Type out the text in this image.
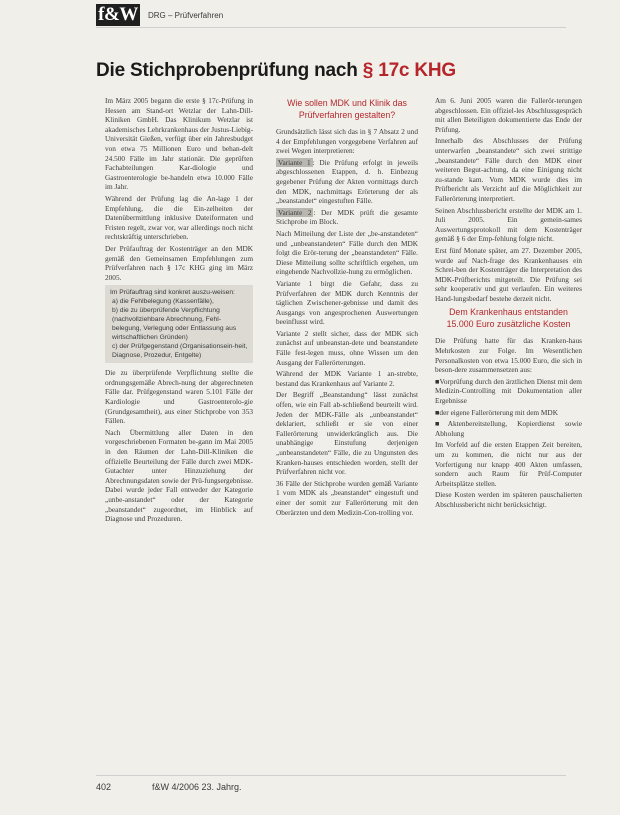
f&W DRG – Prüfverfahren
Die Stichprobenprüfung nach § 17c KHG

Im März 2005 begann die erste § 17c-Prüfung in Hessen am Stand-ort Wetzlar der Lahn-Dill-Kliniken GmbH. Das Klinikum Wetzlar ist akademisches Lehrkrankenhaus der Justus-Liebig-Universität Gießen, verfügt über ein Jahresbudget von etwa 75 Millionen Euro und behan-delt 24.500 Fälle im Jahr stationär. Die geprüften Fachabteilungen Kar-diologie und Gastroenterologie be-handeln etwa 10.000 Fälle im Jahr.

Während der Prüfung lag die An-lage 1 der Empfehlung, die die Ein-zelheiten der Datenübermittlung inklusive Dateiformaten und Fristen regelt, zwar vor, war allerdings noch nicht rechtskräftig unterschrieben.

Der Prüfauftrag der Kostenträger an den MDK gemäß den Gemeinsamen Empfehlungen zum Prüfverfahren nach § 17c KHG ging im März 2005.

Im Prüfauftrag sind konkret auszu-weisen:
a) die Fehlbelegung (Kassenfälle),
b) die zu überprüfende Verpflichtung (nachvollziehbare Abrechnung, Fehl-belegung, Verlegung oder Entlassung aus wirtschaftlichen Gründen)
c) der Prüfgegenstand (Organisationsein-heit, Diagnose, Prozedur, Entgelte)

Die zu überprüfende Verpflichtung stellte die ordnungsgemäße Abrech-nung der abgerechneten Fälle dar. Prüfgegenstand waren 5.101 Fälle der Kardiologie und Gastroenterolo-gie (Grundgesamtheit), aus einer Stichprobe von 353 Fällen.

Nach Übermittlung aller Daten in den vorgeschriebenen Formaten be-gann im Mai 2005 in den Räumen der Lahn-Dill-Kliniken die offizielle Beurteilung der Fälle durch zwei MDK-Gutachter unter Hinzuziehung der Abrechnungsdaten sowie der Prü-fungsergebnisse. Dabei wurde jeder Fall entweder der Kategorie „unbe-anstandet“ oder der Kategorie „beanstandet“ zugeordnet, im Hinblick auf Diagnose und Prozeduren.

Wie sollen MDK und Klinik das Prüfverfahren gestalten?

Grundsätzlich lässt sich das in § 7 Absatz 2 und 4 der Empfehlungen vorgegebene Verfahren auf zwei Wegen interpretieren:

Variante 1 : Die Prüfung erfolgt in jeweils abgeschlossenen Etappen, d. h. Einbezug gegebener Prüfung der Akten vormittags durch den MDK, nachmittags Erörterung der als „beanstandet“ eingestuften Fälle.

Variante 2 : Der MDK prüft die gesamte Stichprobe im Block.

Nach Mitteilung der Liste der „be-anstandeten“ und „unbeanstandeten“ Fälle durch den MDK folgt die Erör-terung der „beanstandeten“ Fälle. Diese Mitteilung sollte schriftlich ergehen, um eingehende Nachvollzie-hung zu ermöglichen.

Variante 1 birgt die Gefahr, dass zu Prüfverfahren der MDK durch Kenntnis der täglichen Zwischener-gebnisse und damit des Ausgangs von angesprochenen Auswertungen beeinflusst wird.

Variante 2 stellt sicher, dass der MDK sich zunächst auf unbeanstan-dete und beanstandete Fälle fest-legen muss, ohne Wissen um den Ausgang der Fallerörterungen.

Während der MDK Variante 1 an-strebte, bestand das Krankenhaus auf Variante 2.

Der Begriff „Beanstandung“ lässt zunächst offen, wie ein Fall ab-schließend beurteilt wird. Jeden der MDK-Fälle als „unbeanstandet“ deklariert, schließt er sie von einer Fallerörterung unwiderkränglich aus. Die unabhängige Einstufung derjenigen „unbeanstandeten“ Fälle, die zu Ungunsten des Kranken-hauses entschieden worden, stellt der Prüfverfahren nicht vor.

36 Fälle der Stichprobe wurden gemäß Variante 1 vom MDK als „beanstandet“ eingestuft und einer der somit zur Fallerörterung mit den Oberärzten und dem Medizin-Con-trolling vor.

Am 6. Juni 2005 waren die Fallerör-terungen abgeschlossen. Ein offiziel-les Abschlussgespräch mit allen Beteiligten dokumentierte das Ende der Prüfung.

Innerhalb des Abschlusses der Prüfung unterwarfen „beanstandete“ sich zwei strittige „beanstandete“ Fälle durch den MDK einer weiteren Begut-achtung, da eine Einigung nicht zu-stande kam. Vom MDK wurde dies im Prüfbericht als Verzicht auf die Möglichkeit zur Fallerörterung interpretiert.

Seinen Abschlussbericht erstellte der MDK am 1. Juli 2005. Ein gemein-sames Auswertungsprotokoll mit dem Kostenträger gemäß § 6 der Emp-fehlung folgte nicht.

Erst fünf Monate später, am 27. Dezember 2005, wurde auf Nach-frage des Krankenhauses ein Schrei-ben der Kostenträger die Interpretation des MDK-Prüfberichts mitgeteilt. Die Prüfung sei sehr kooperativ und gut verlaufen. Ein weiteres Hand-lungsbedarf bestehe derzeit nicht.

Dem Krankenhaus entstanden 15.000 Euro zusätzliche Kosten

Die Prüfung hatte für das Kranken-haus Mehrkosten zur Folge. Im Wesentlichen Personalkosten von etwa 15.000 Euro, die sich in beson-dere zusammensetzen aus:

■ Vorprüfung durch den ärztlichen Dienst mit dem Medizin-Controlling mit Dokumentation aller Ergebnisse

■ der eigene Fallerörterung mit dem MDK

■ Aktenbereitstellung, Kopierdienst sowie Abholung

Im Vorfeld auf die ersten Etappen Zeit bereiten, um zu kommen, die nicht nur aus der Vorfertigung nur knapp 400 Akten umfassen, sondern auch Raum für Prüf-Computer Arbeitsplätze stellen.

Diese Kosten werden im späteren pauschalierten Abschlussbericht nicht berücksichtigt.

402	f&W 4/2006 23. Jahrg.
